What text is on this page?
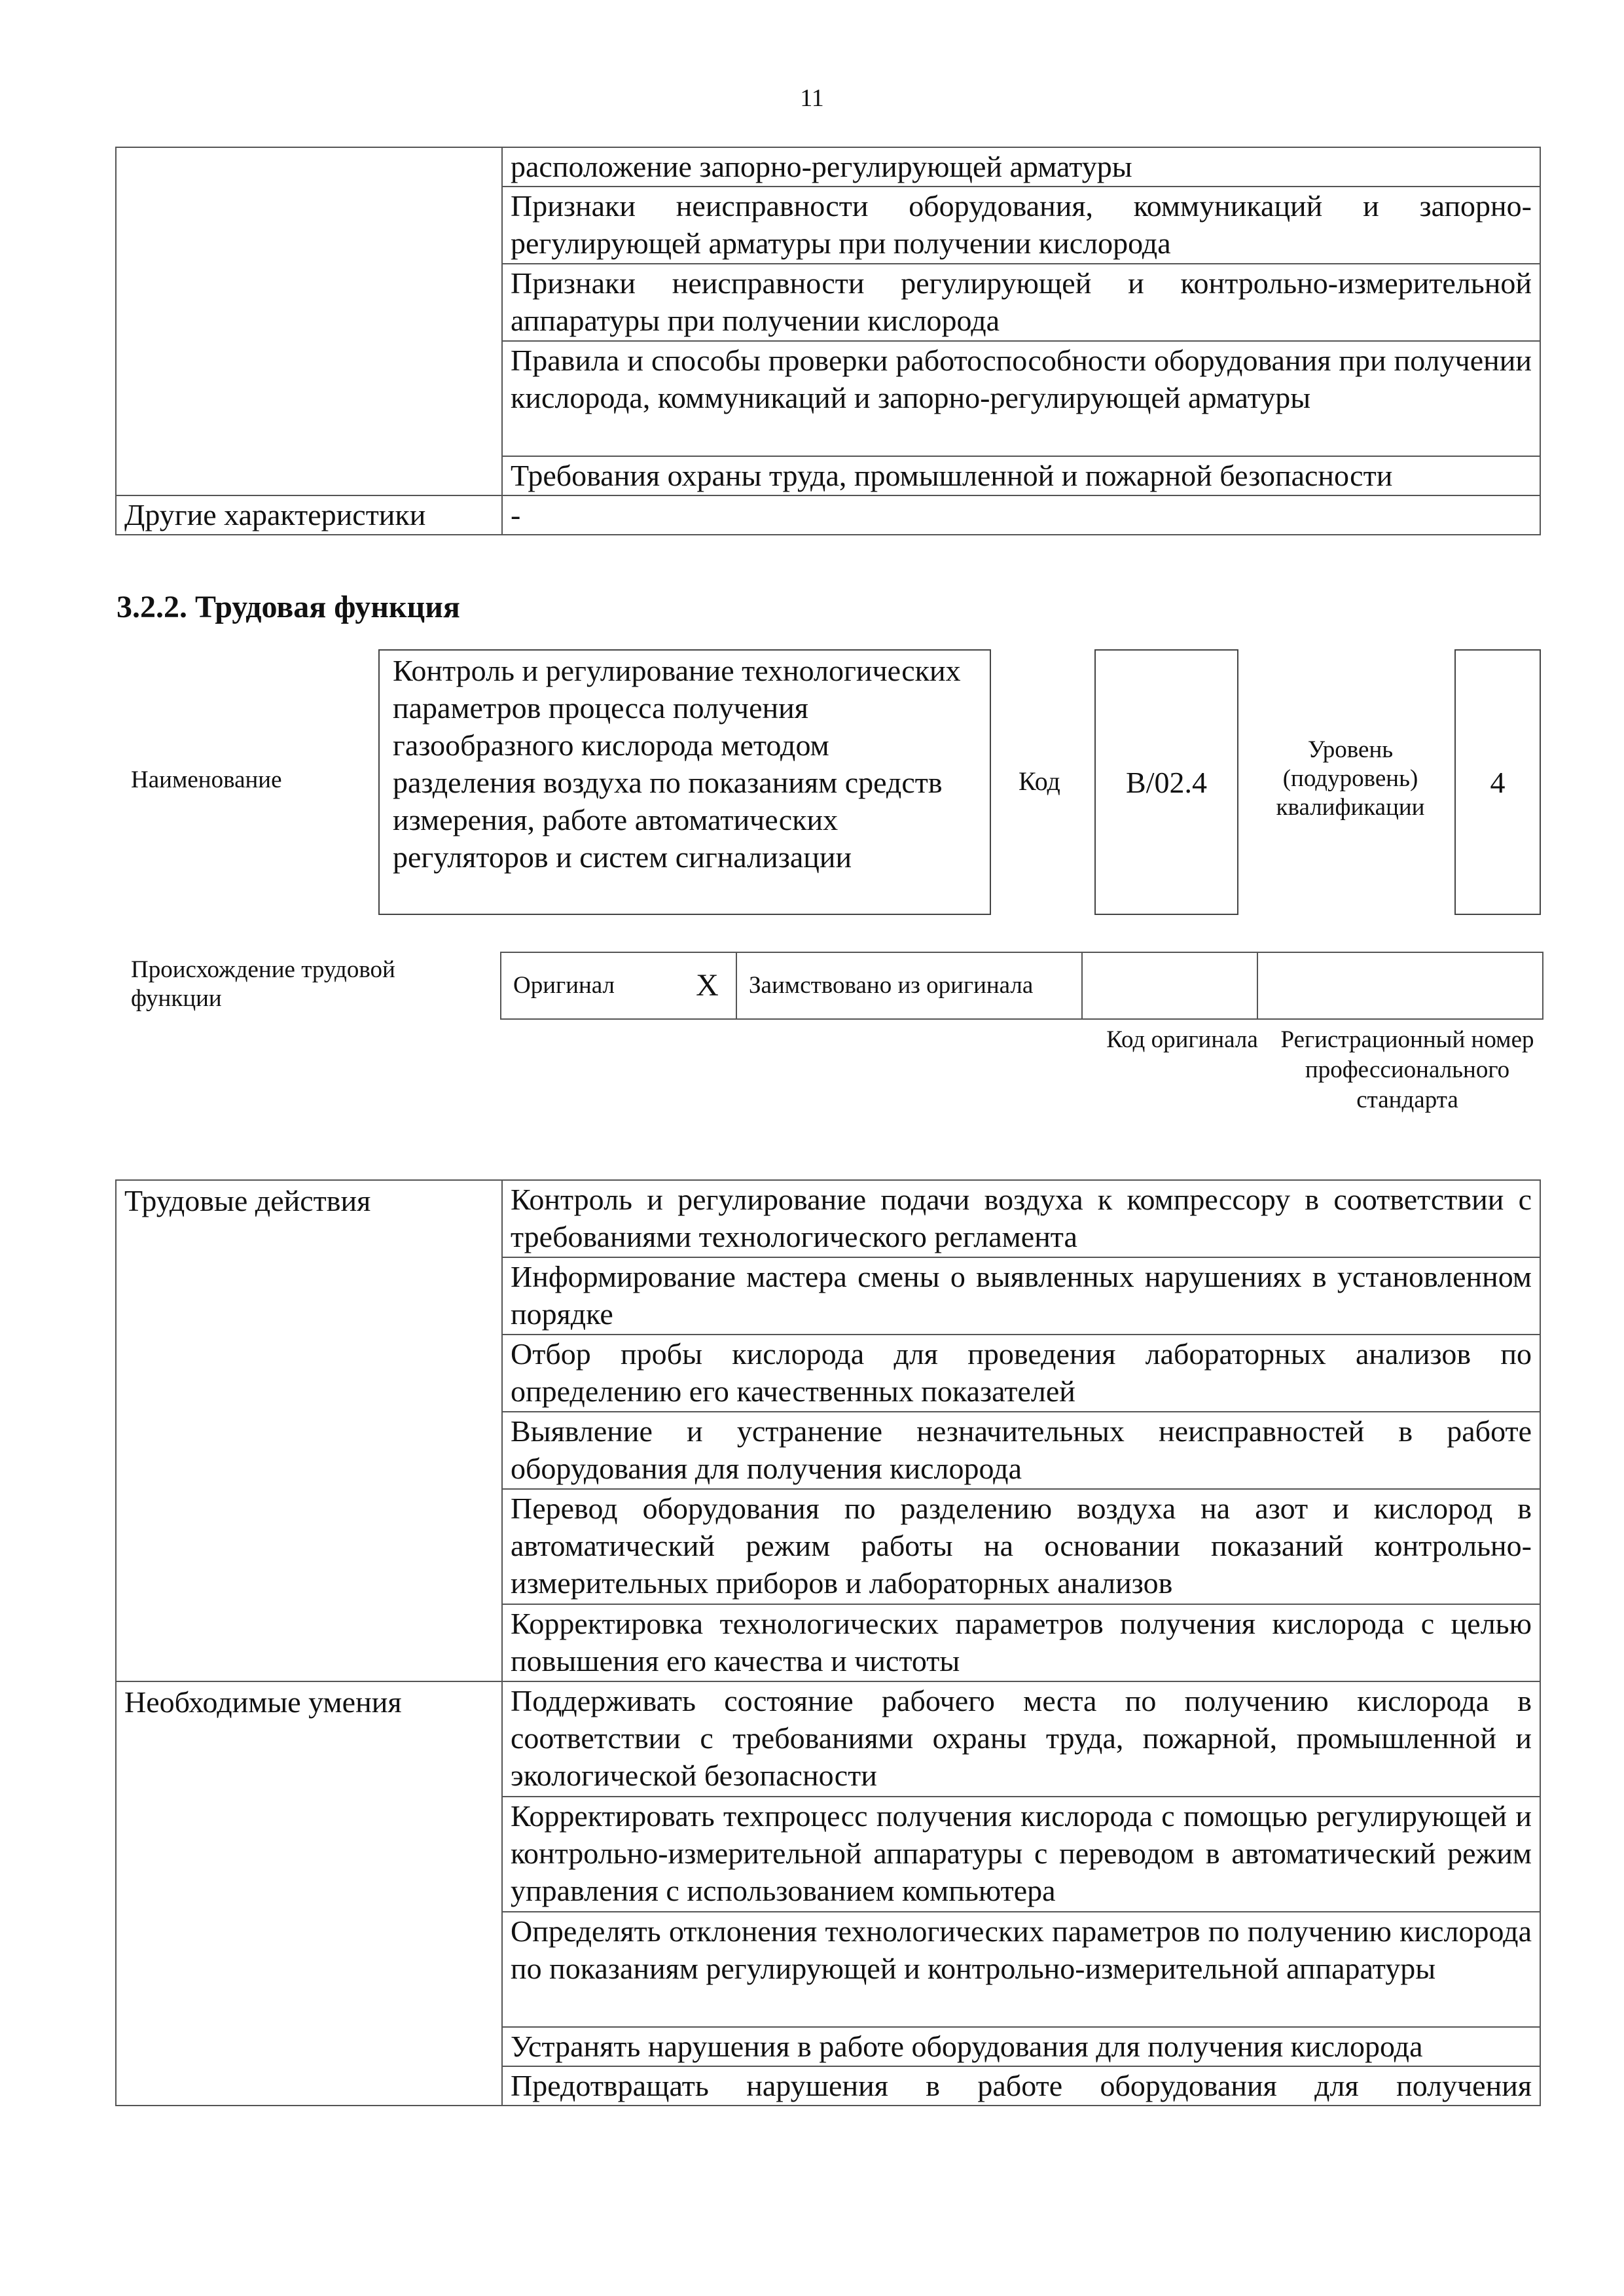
11
	расположение запорно-регулирующей арматуры
	Признаки неисправности оборудования, коммуникаций и запорно-регулирующей арматуры при получении кислорода
	Признаки неисправности регулирующей и контрольно-измерительной аппаратуры при получении кислорода
	Правила и способы проверки работоспособности оборудования при получении кислорода, коммуникаций и запорно-регулирующей арматуры
	Требования охраны труда, промышленной и пожарной безопасности
Другие характеристики	-
3.2.2. Трудовая функция
Наименование
Контроль и регулирование технологических параметров процесса получения газообразного кислорода методом разделения воздуха по показаниям средств измерения, работе автоматических регуляторов и систем сигнализации
Код B/02.4
Уровень (подуровень) квалификации
4
Происхождение трудовой функции	Оригинал	X	Заимствовано из оригинала		
Код оригинала Регистрационный номер профессионального стандарта
Трудовые действия	Контроль и регулирование подачи воздуха к компрессору в соответствии с требованиями технологического регламента
	Информирование мастера смены о выявленных нарушениях в установленном порядке
	Отбор пробы кислорода для проведения лабораторных анализов по определению его качественных показателей
	Выявление и устранение незначительных неисправностей в работе оборудования для получения кислорода
	Перевод оборудования по разделению воздуха на азот и кислород в автоматический режим работы на основании показаний контрольно-измерительных приборов и лабораторных анализов
	Корректировка технологических параметров получения кислорода с целью повышения его качества и чистоты
Необходимые умения	Поддерживать состояние рабочего места по получению кислорода в соответствии с требованиями охраны труда, пожарной, промышленной и экологической безопасности
	Корректировать техпроцесс получения кислорода с помощью регулирующей и контрольно-измерительной аппаратуры с переводом в автоматический режим управления с использованием компьютера
	Определять отклонения технологических параметров по получению кислорода по показаниям регулирующей и контрольно-измерительной аппаратуры
	Устранять нарушения в работе оборудования для получения кислорода
	Предотвращать нарушения в работе оборудования для получения
